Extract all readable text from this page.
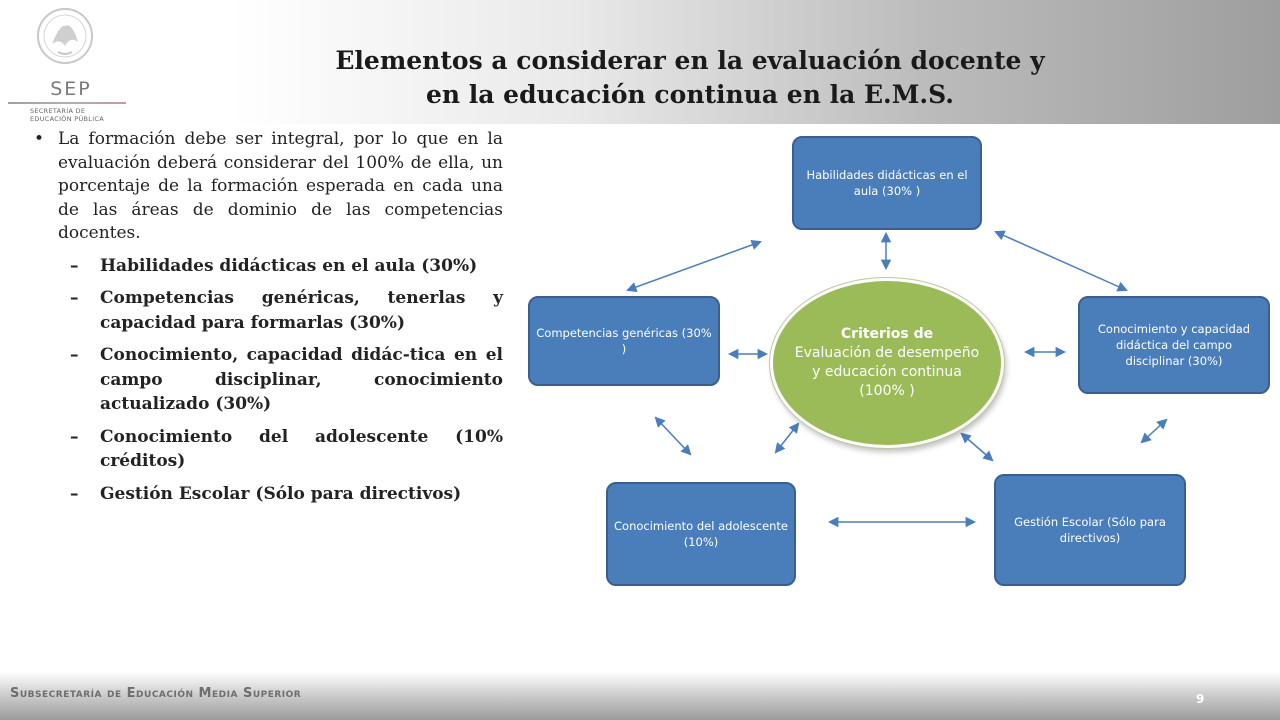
SEP
SECRETARÍA DE EDUCACIÓN PÚBLICA
Elementos a considerar en la evaluación docente y
en la educación continua en la E.M.S.
• La formación debe ser integral, por lo que en la evaluación deberá considerar del 100% de ella, un porcentaje de la formación esperada en cada una de las áreas de dominio de las competencias docentes.
– Habilidades didácticas en el aula (30%)
– Competencias genéricas, tenerlas y capacidad para formarlas (30%)
– Conocimiento, capacidad didác-tica en el campo disciplinar, conocimiento actualizado (30%)
– Conocimiento del adolescente (10% créditos)
– Gestión Escolar (Sólo para directivos)
Habilidades didácticas en el aula (30% )
Competencias genéricas (30% )
Conocimiento y capacidad didáctica del campo disciplinar (30%)
Conocimiento del adolescente (10%)
Gestión Escolar (Sólo para directivos)
Criterios de
Evaluación de desempeño y educación continua (100% )
Subsecretaría de Educación Media Superior	9
